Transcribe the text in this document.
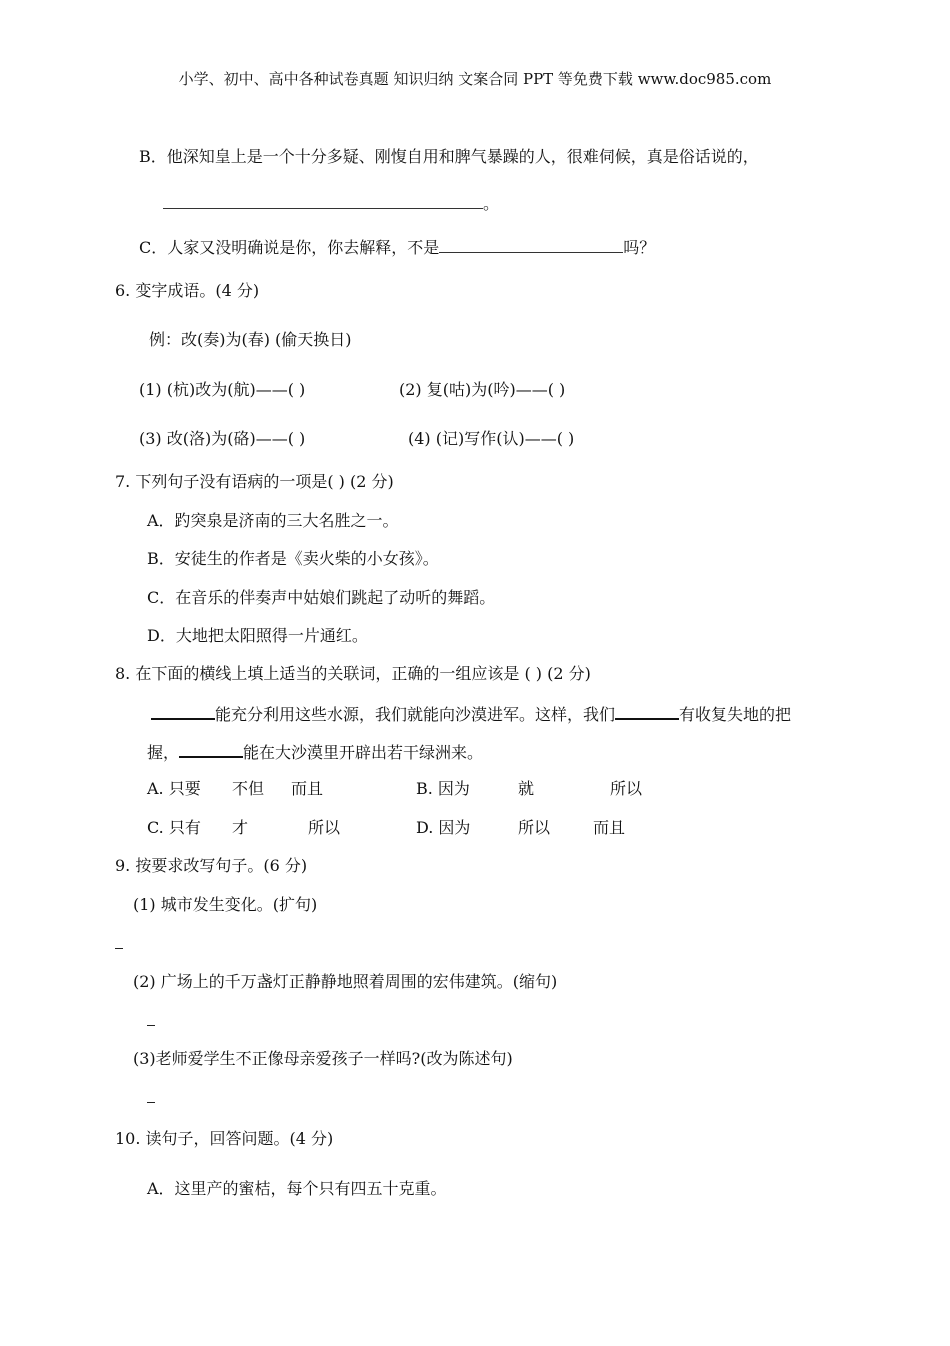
小学、初中、高中各种试卷真题 知识归纳 文案合同 PPT 等免费下载 www.doc985.com
B．他深知皇上是一个十分多疑、刚愎自用和脾气暴躁的人，很难伺候，真是俗话说的，
。
C．人家又没明确说是你，你去解释，不是	吗？
6. 变字成语。(4 分)
例：改(奏)为(春) (偷天换日)
(1) (杭)改为(航)——( )	(2) 复(咕)为(吟)——( )
(3) 改(洛)为(硌)——( )	(4) (记)写作(认)——( )
7. 下列句子没有语病的一项是( ) (2 分)
A．趵突泉是济南的三大名胜之一。
B．安徒生的作者是《卖火柴的小女孩》。
C．在音乐的伴奏声中姑娘们跳起了动听的舞蹈。
D．大地把太阳照得一片通红。
8. 在下面的横线上填上适当的关联词，正确的一组应该是 ( ) (2 分)
能充分利用这些水源，我们就能向沙漠进军。这样，我们	有收复失地的把
握，	能在大沙漠里开辟出若干绿洲来。
A. 只要 不但 而且	B. 因为	就	所以
C. 只有 才	所以	D. 因为	所以	而且
9. 按要求改写句子。(6 分)
(1) 城市发生变化。(扩句)
(2) 广场上的千万盏灯正静静地照着周围的宏伟建筑。(缩句)
(3)老师爱学生不正像母亲爱孩子一样吗?(改为陈述句)
10. 读句子，回答问题。(4 分)
A．这里产的蜜桔，每个只有四五十克重。
